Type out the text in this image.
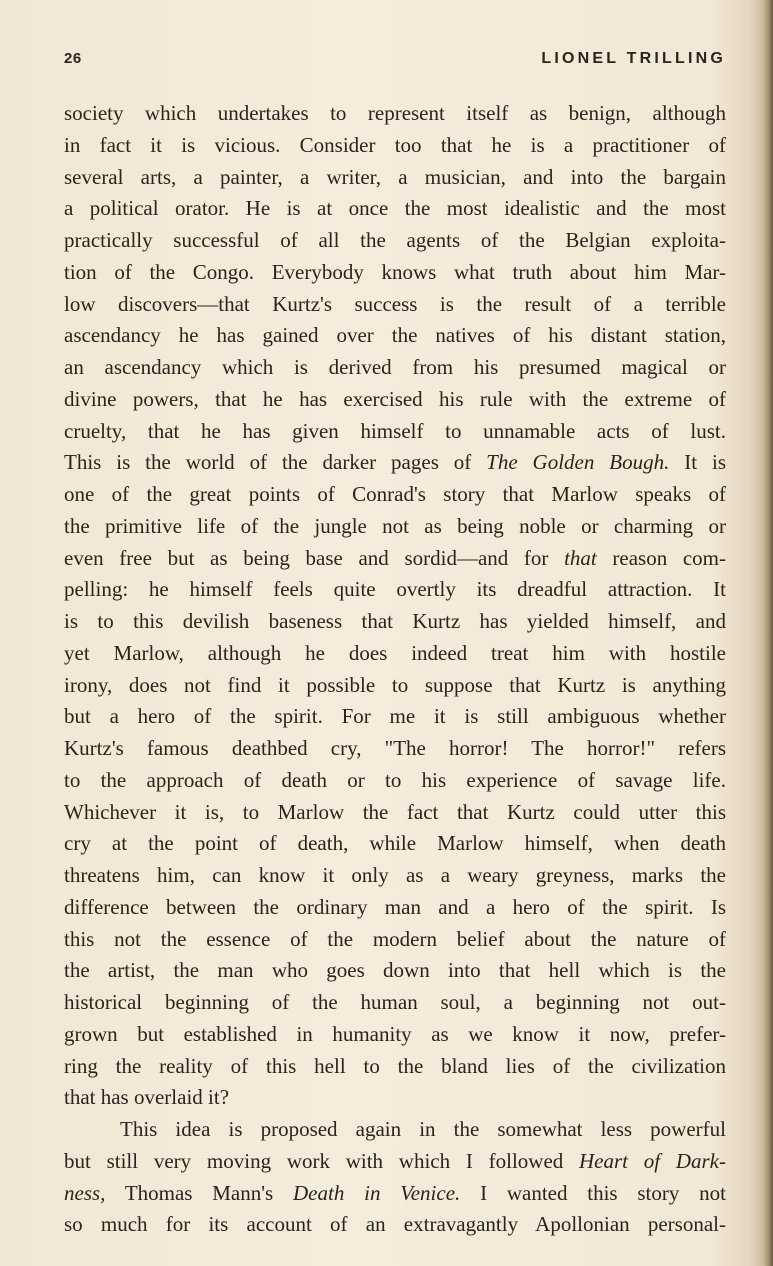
26	LIONEL TRILLING
society which undertakes to represent itself as benign, although
in fact it is vicious. Consider too that he is a practitioner of
several arts, a painter, a writer, a musician, and into the bargain
a political orator. He is at once the most idealistic and the most
practically successful of all the agents of the Belgian exploita-
tion of the Congo. Everybody knows what truth about him Mar-
low discovers—that Kurtz's success is the result of a terrible
ascendancy he has gained over the natives of his distant station,
an ascendancy which is derived from his presumed magical or
divine powers, that he has exercised his rule with the extreme of
cruelty, that he has given himself to unnamable acts of lust.
This is the world of the darker pages of The Golden Bough. It is
one of the great points of Conrad's story that Marlow speaks of
the primitive life of the jungle not as being noble or charming or
even free but as being base and sordid—and for that reason com-
pelling: he himself feels quite overtly its dreadful attraction. It
is to this devilish baseness that Kurtz has yielded himself, and
yet Marlow, although he does indeed treat him with hostile
irony, does not find it possible to suppose that Kurtz is anything
but a hero of the spirit. For me it is still ambiguous whether
Kurtz's famous deathbed cry, "The horror! The horror!" refers
to the approach of death or to his experience of savage life.
Whichever it is, to Marlow the fact that Kurtz could utter this
cry at the point of death, while Marlow himself, when death
threatens him, can know it only as a weary greyness, marks the
difference between the ordinary man and a hero of the spirit. Is
this not the essence of the modern belief about the nature of
the artist, the man who goes down into that hell which is the
historical beginning of the human soul, a beginning not out-
grown but established in humanity as we know it now, prefer-
ring the reality of this hell to the bland lies of the civilization
that has overlaid it?
This idea is proposed again in the somewhat less powerful
but still very moving work with which I followed Heart of Dark-
ness, Thomas Mann's Death in Venice. I wanted this story not
so much for its account of an extravagantly Apollonian personal-
